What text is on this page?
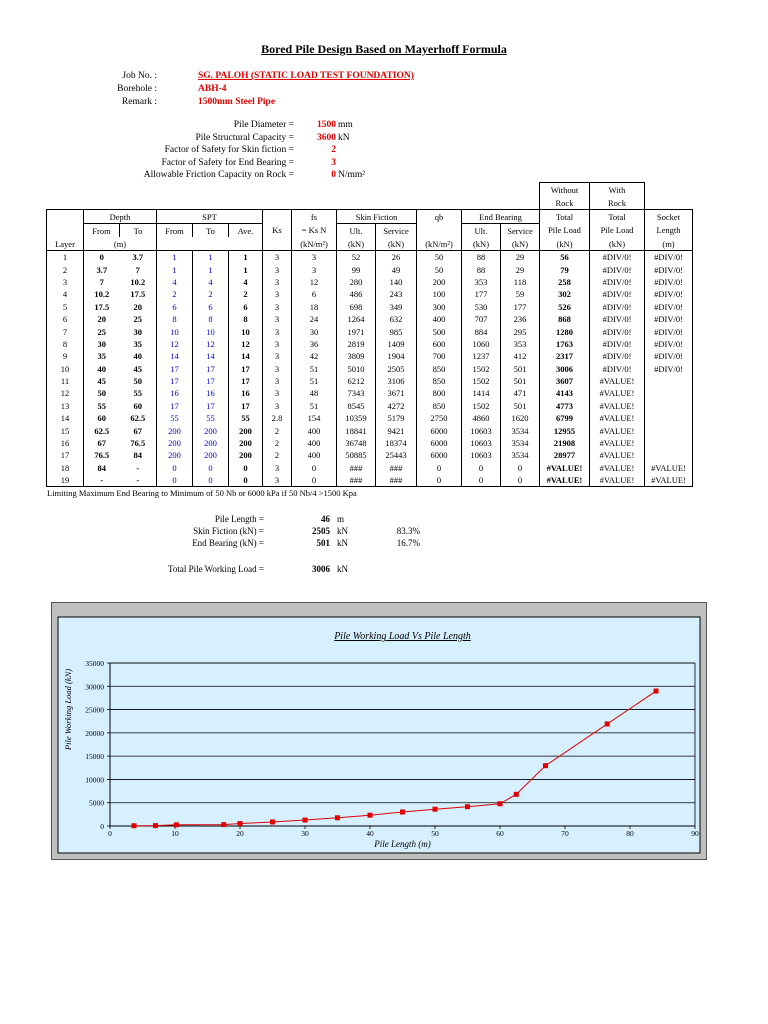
Bored Pile Design Based on Mayerhoff Formula
Job No. :	SG. PALOH (STATIC LOAD TEST FOUNDATION)
Borehole :	ABH-4
Remark :	1500mm Steel Pipe
Pile Diameter =	1500 mm
Pile Structural Capacity =	3600 kN
Factor of Safety for Skin fiction =	2
Factor of Safety for End Bearing =	3
Allowable Friction Capacity on Rock =	0 N/mm²
													Without	With	
													Rock	Rock	
	Depth		SPT				fs	Skin Fiction		qb	End Bearing		Total	Total	Socket
	From	To	From	To	Ave.	Ks	= Ks N	Ult.	Service		Ult.	Service	Pile Load	Pile Load	Length
Layer	(m)						(kN/m²)	(kN)	(kN)	(kN/m²)	(kN)	(kN)	(kN)	(kN)	(m)
1	0	3.7	1	1	1	3	3	52	26	50	88	29	56	#DIV/0!	#DIV/0!
2	3.7	7	1	1	1	3	3	99	49	50	88	29	79	#DIV/0!	#DIV/0!
3	7	10.2	4	4	4	3	12	280	140	200	353	118	258	#DIV/0!	#DIV/0!
4	10.2	17.5	2	2	2	3	6	486	243	100	177	59	302	#DIV/0!	#DIV/0!
5	17.5	20	6	6	6	3	18	698	349	300	530	177	526	#DIV/0!	#DIV/0!
6	20	25	8	8	8	3	24	1264	632	400	707	236	868	#DIV/0!	#DIV/0!
7	25	30	10	10	10	3	30	1971	985	500	884	295	1280	#DIV/0!	#DIV/0!
8	30	35	12	12	12	3	36	2819	1409	600	1060	353	1763	#DIV/0!	#DIV/0!
9	35	40	14	14	14	3	42	3809	1904	700	1237	412	2317	#DIV/0!	#DIV/0!
10	40	45	17	17	17	3	51	5010	2505	850	1502	501	3006	#DIV/0!	#DIV/0!
11	45	50	17	17	17	3	51	6212	3106	850	1502	501	3607	#VALUE!	
12	50	55	16	16	16	3	48	7343	3671	800	1414	471	4143	#VALUE!	
13	55	60	17	17	17	3	51	8545	4272	850	1502	501	4773	#VALUE!	
14	60	62.5	55	55	55	2.8	154	10359	5179	2750	4860	1620	6799	#VALUE!	
15	62.5	67	200	200	200	2	400	18841	9421	6000	10603	3534	12955	#VALUE!	
16	67	76.5	200	200	200	2	400	36748	18374	6000	10603	3534	21908	#VALUE!	
17	76.5	84	200	200	200	2	400	50885	25443	6000	10603	3534	28977	#VALUE!	
18	84	-	0	0	0	3	0	###	###	0	0	0	#VALUE!	#VALUE!	#VALUE!
19	-	-	0	0	0	3	0	###	###	0	0	0	#VALUE!	#VALUE!	#VALUE!
Limiting Maximum End Bearing to Minimum of 50 Nb or 6000 kPa if 50 Nb/4 >1500 Kpa
Pile Length =	46 m
Skin Fiction (kN) =	2505 kN	83.3%
End Bearing (kN) =	501 kN	16.7%
Total Pile Working Load =	3006 kN
0
5000
10000
15000
20000
25000
30000
35000
0	10	20	30	40	50	60	70	80	90
Pile Working Load Vs Pile Length
Pile Length (m)
Pile Working Load (kN)
